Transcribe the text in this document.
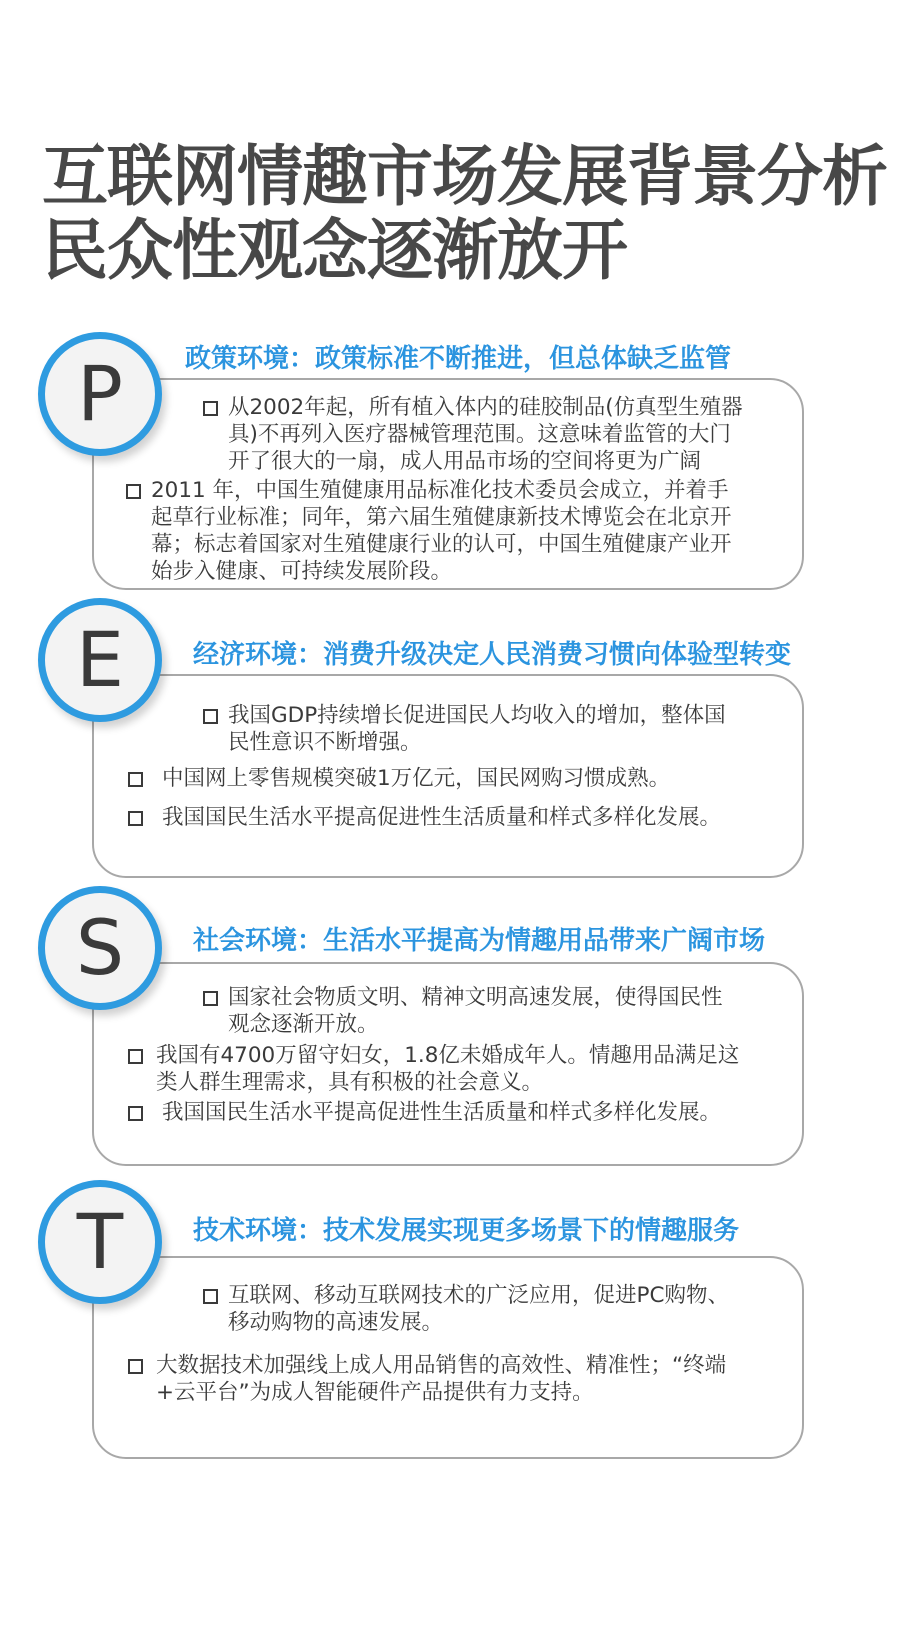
互联网情趣市场发展背景分析
民众性观念逐渐放开
P	政策环境：政策标准不断推进，但总体缺乏监管
从2002年起，所有植入体内的硅胶制品(仿真型生殖器具)不再列入医疗器械管理范围。这意味着监管的大门开了很大的一扇，成人用品市场的空间将更为广阔
2011 年，中国生殖健康用品标准化技术委员会成立，并着手起草行业标准；同年，第六届生殖健康新技术博览会在北京开幕；标志着国家对生殖健康行业的认可，中国生殖健康产业开始步入健康、可持续发展阶段。
E	经济环境：消费升级决定人民消费习惯向体验型转变
我国GDP持续增长促进国民人均收入的增加，整体国民性意识不断增强。
中国网上零售规模突破1万亿元，国民网购习惯成熟。
我国国民生活水平提高促进性生活质量和样式多样化发展。
S	社会环境：生活水平提高为情趣用品带来广阔市场
国家社会物质文明、精神文明高速发展，使得国民性观念逐渐开放。
我国有4700万留守妇女，1.8亿未婚成年人。情趣用品满足这类人群生理需求，具有积极的社会意义。
我国国民生活水平提高促进性生活质量和样式多样化发展。
T	技术环境：技术发展实现更多场景下的情趣服务
互联网、移动互联网技术的广泛应用，促进PC购物、移动购物的高速发展。
大数据技术加强线上成人用品销售的高效性、精准性；“终端+云平台”为成人智能硬件产品提供有力支持。
